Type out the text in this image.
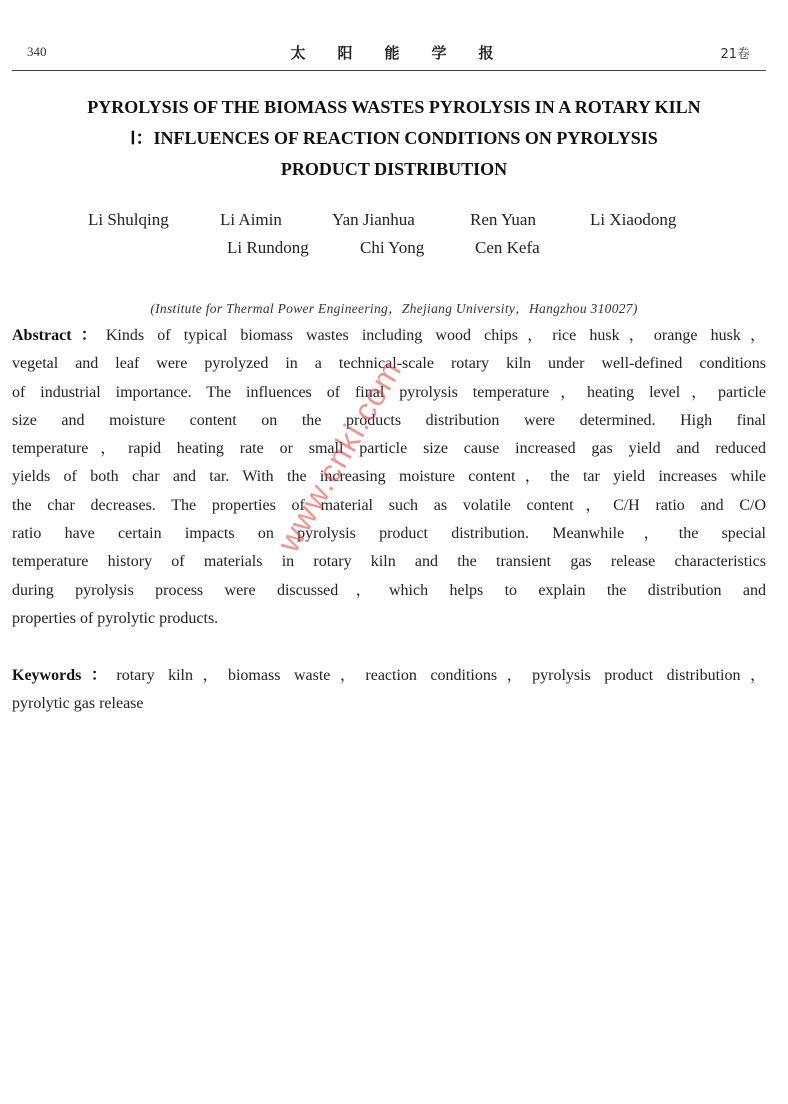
340	太阳能学报	21卷
PYROLYSIS OF THE BIOMASS WASTES PYROLYSIS IN A ROTARY KILN
Ⅰ：INFLUENCES OF REACTION CONDITIONS ON PYROLYSIS
PRODUCT DISTRIBUTION
Li Shulqing	Li Aimin	Yan Jianhua	Ren Yuan	Li Xiaodong
Li Rundong	Chi Yong	Cen Kefa
(Institute for Thermal Power Engineering，Zhejiang University，Hangzhou 310027)
Abstract：Kinds of typical biomass wastes including wood chips，rice husk，orange husk，
vegetal and leaf were pyrolyzed in a technical-scale rotary kiln under well-defined conditions
of industrial importance. The influences of final pyrolysis temperature，heating level，particle
size and moisture content on the products distribution were determined. High final
temperature，rapid heating rate or small particle size cause increased gas yield and reduced
yields of both char and tar. With the increasing moisture content，the tar yield increases while
the char decreases. The properties of material such as volatile content，C/H ratio and C/O
ratio have certain impacts on pyrolysis product distribution. Meanwhile，the special
temperature history of materials in rotary kiln and the transient gas release characteristics
during pyrolysis process were discussed，which helps to explain the distribution and
properties of pyrolytic products.
Keywords：rotary kiln，biomass waste，reaction conditions，pyrolysis product distribution，
pyrolytic gas release
www.cnki.com
